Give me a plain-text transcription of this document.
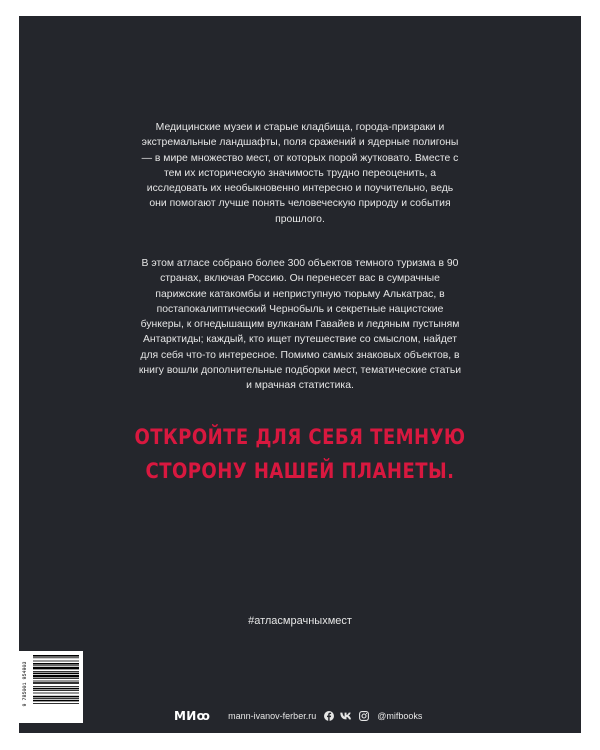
Медицинские музеи и старые кладбища, города-призраки и экстремальные ландшафты, поля сражений и ядерные полигоны — в мире множество мест, от которых порой жутковато. Вместе с тем их историческую значимость трудно переоценить, а исследовать их необыкновенно интересно и поучительно, ведь они помогают лучше понять человеческую природу и события прошлого.

В этом атласе собрано более 300 объектов темного туризма в 90 странах, включая Россию. Он перенесет вас в сумрачные парижские катакомбы и неприступную тюрьму Алькатрас, в постапокалиптический Чернобыль и секретные нацистские бункеры, к огнедышащим вулканам Гавайев и ледяным пустыням Антарктиды; каждый, кто ищет путешествие со смыслом, найдет для себя что-то интересное. Помимо самых знаковых объектов, в книгу вошли дополнительные подборки мест, тематические статьи и мрачная статистика.

ОТКРОЙТЕ ДЛЯ СЕБЯ ТЕМНУЮ
СТОРОНУ НАШЕЙ ПЛАНЕТЫ.
#атласмрачныхмест
9 785001 954903
МИꝏ mann-ivanov-ferber.ru	@mifbooks
